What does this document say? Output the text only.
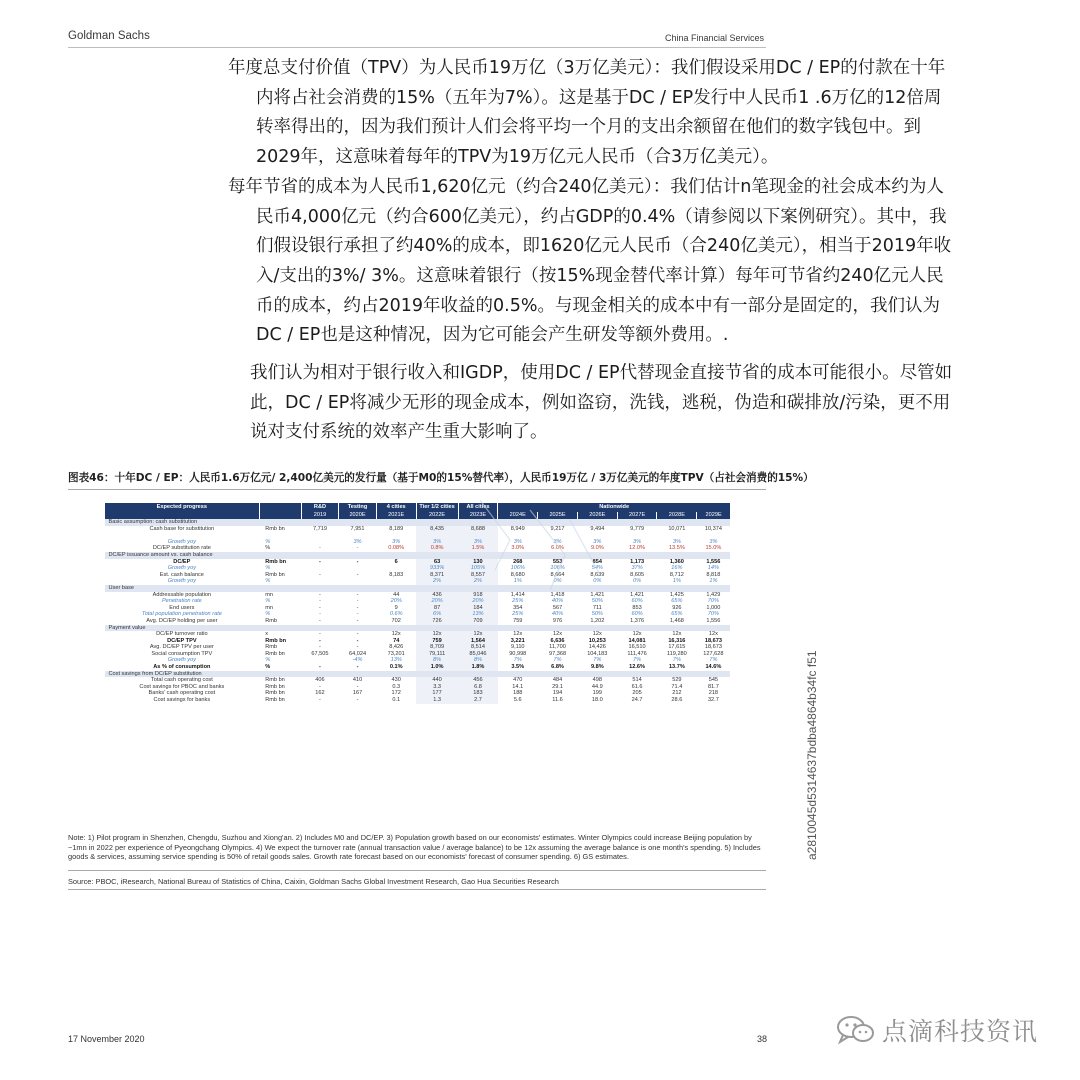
Goldman Sachs	China Financial Services

年度总支付价值（TPV）为人民币19万亿（3万亿美元）：我们假设采用DC / EP的付款在十年内将占社会消费的15%（五年为7%）。这是基于DC / EP发行中人民币1 .6万亿的12倍周转率得出的，因为我们预计人们会将平均一个月的支出余额留在他们的数字钱包中。到2029年，这意味着每年的TPV为19万亿元人民币（合3万亿美元）。

每年节省的成本为人民币1,620亿元（约合240亿美元）：我们估计n笔现金的社会成本约为人民币4,000亿元（约合600亿美元），约占GDP的0.4%（请参阅以下案例研究）。其中，我们假设银行承担了约40%的成本，即1620亿元人民币（合240亿美元），相当于2019年收入/支出的3%/ 3%。这意味着银行（按15%现金替代率计算）每年可节省约240亿元人民币的成本，约占2019年收益的0.5%。与现金相关的成本中有一部分是固定的，我们认为DC / EP也是这种情况，因为它可能会产生研发等额外费用。.

我们认为相对于银行收入和IGDP，使用DC / EP代替现金直接节省的成本可能很小。尽管如此，DC / EP将减少无形的现金成本，例如盗窃，洗钱，逃税，伪造和碳排放/污染，更不用说对支付系统的效率产生重大影响了。

图表46：十年DC / EP：人民币1.6万亿元/ 2,400亿美元的发行量（基于M0的15%替代率），人民币19万亿 / 3万亿美元的年度TPV（占社会消费的15%）
Expected progress		R&D	Testing	4 cities	Tier 1/2 cities	All cities	Nationwide					
		2019	2020E	2021E	2022E	2023E	2024E	2025E	2026E	2027E	2028E	2029E
Basic assumption: cash substitution												
Cash base for substitution	Rmb bn	7,719	7,951	8,189	8,435	8,688	8,949	9,217	9,494	9,779	10,071	10,374

Growth yoy	%		3%	3%	3%	3%	3%	3%	3%	3%	3%	3%
DC/EP substitution rate	%	-	-	0.08%	0.8%	1.5%	3.0%	6.0%	9.0%	12.0%	13.5%	15.0%
DC/EP issuance amount vs. cash balance												
DC/EP	Rmb bn	-	-	6	63	130	268	553	854	1,173	1,360	1,556
Growth yoy	%				933%	105%	106%	106%	54%	37%	16%	14%
Est. cash balance	Rmb bn	-	-	8,183	8,371	8,557	8,680	8,664	8,639	8,605	8,712	8,818
Growth yoy	%				2%	2%	1%	0%	0%	0%	1%	1%
User base												
Addressable population	mn	-	-	44	436	918	1,414	1,418	1,421	1,421	1,425	1,429
Penetration rate	%	-	-	20%	20%	20%	25%	40%	50%	60%	65%	70%
End users	mn	-	-	9	87	184	354	567	711	853	926	1,000
Total population penetration rate	%	-	-	0.6%	6%	13%	25%	40%	50%	60%	65%	70%
Avg. DC/EP holding per user	Rmb	-	-	702	726	709	759	976	1,202	1,376	1,468	1,556
Payment value												
DC/EP turnover ratio	x	-	-	12x	12x	12x	12x	12x	12x	12x	12x	12x
DC/EP TPV	Rmb bn	-	-	74	759	1,564	3,221	6,636	10,253	14,081	16,316	18,673
Avg. DC/EP TPV per user	Rmb	-	-	8,426	8,709	8,514	9,110	11,700	14,426	16,510	17,615	18,673
Social consumption TPV	Rmb bn	67,505	64,024	73,201	79,111	85,046	90,998	97,368	104,183	111,476	119,280	127,628
Growth yoy	%		-4%	13%	8%	8%	7%	7%	7%	7%	7%	7%
As % of consumption	%	-	-	0.1%	1.0%	1.8%	3.5%	6.8%	9.8%	12.6%	13.7%	14.6%
Cost savings from DC/EP substitution												
Total cash operating cost	Rmb bn	406	410	430	440	456	470	484	498	514	529	545
Cost savings for PBOC and banks	Rmb bn	-	-	0.3	3.3	6.8	14.1	29.1	44.9	61.6	71.4	81.7
Banks' cash operating cost	Rmb bn	162	167	172	177	183	188	194	199	205	212	218
Cost savings for banks	Rmb bn	-	-	0.1	1.3	2.7	5.6	11.6	18.0	24.7	28.6	32.7
Note: 1) Pilot program in Shenzhen, Chengdu, Suzhou and Xiong'an. 2) Includes M0 and DC/EP. 3) Population growth based on our economists' estimates. Winter Olympics could increase Beijing population by ~1mn in 2022 per experience of Pyeongchang Olympics. 4) We expect the turnover rate (annual transaction value / average balance) to be 12x assuming the average balance is one month's spending. 5) Includes goods & services, assuming service spending is 50% of retail goods sales. Growth rate forecast based on our economists' forecast of consumer spending. 6) GS estimates.
Source: PBOC, iResearch, National Bureau of Statistics of China, Caixin, Goldman Sachs Global Investment Research, Gao Hua Securities Research
a2810045d5314637bdba4864b34fc f51
17 November 2020	38	点滴科技资讯
